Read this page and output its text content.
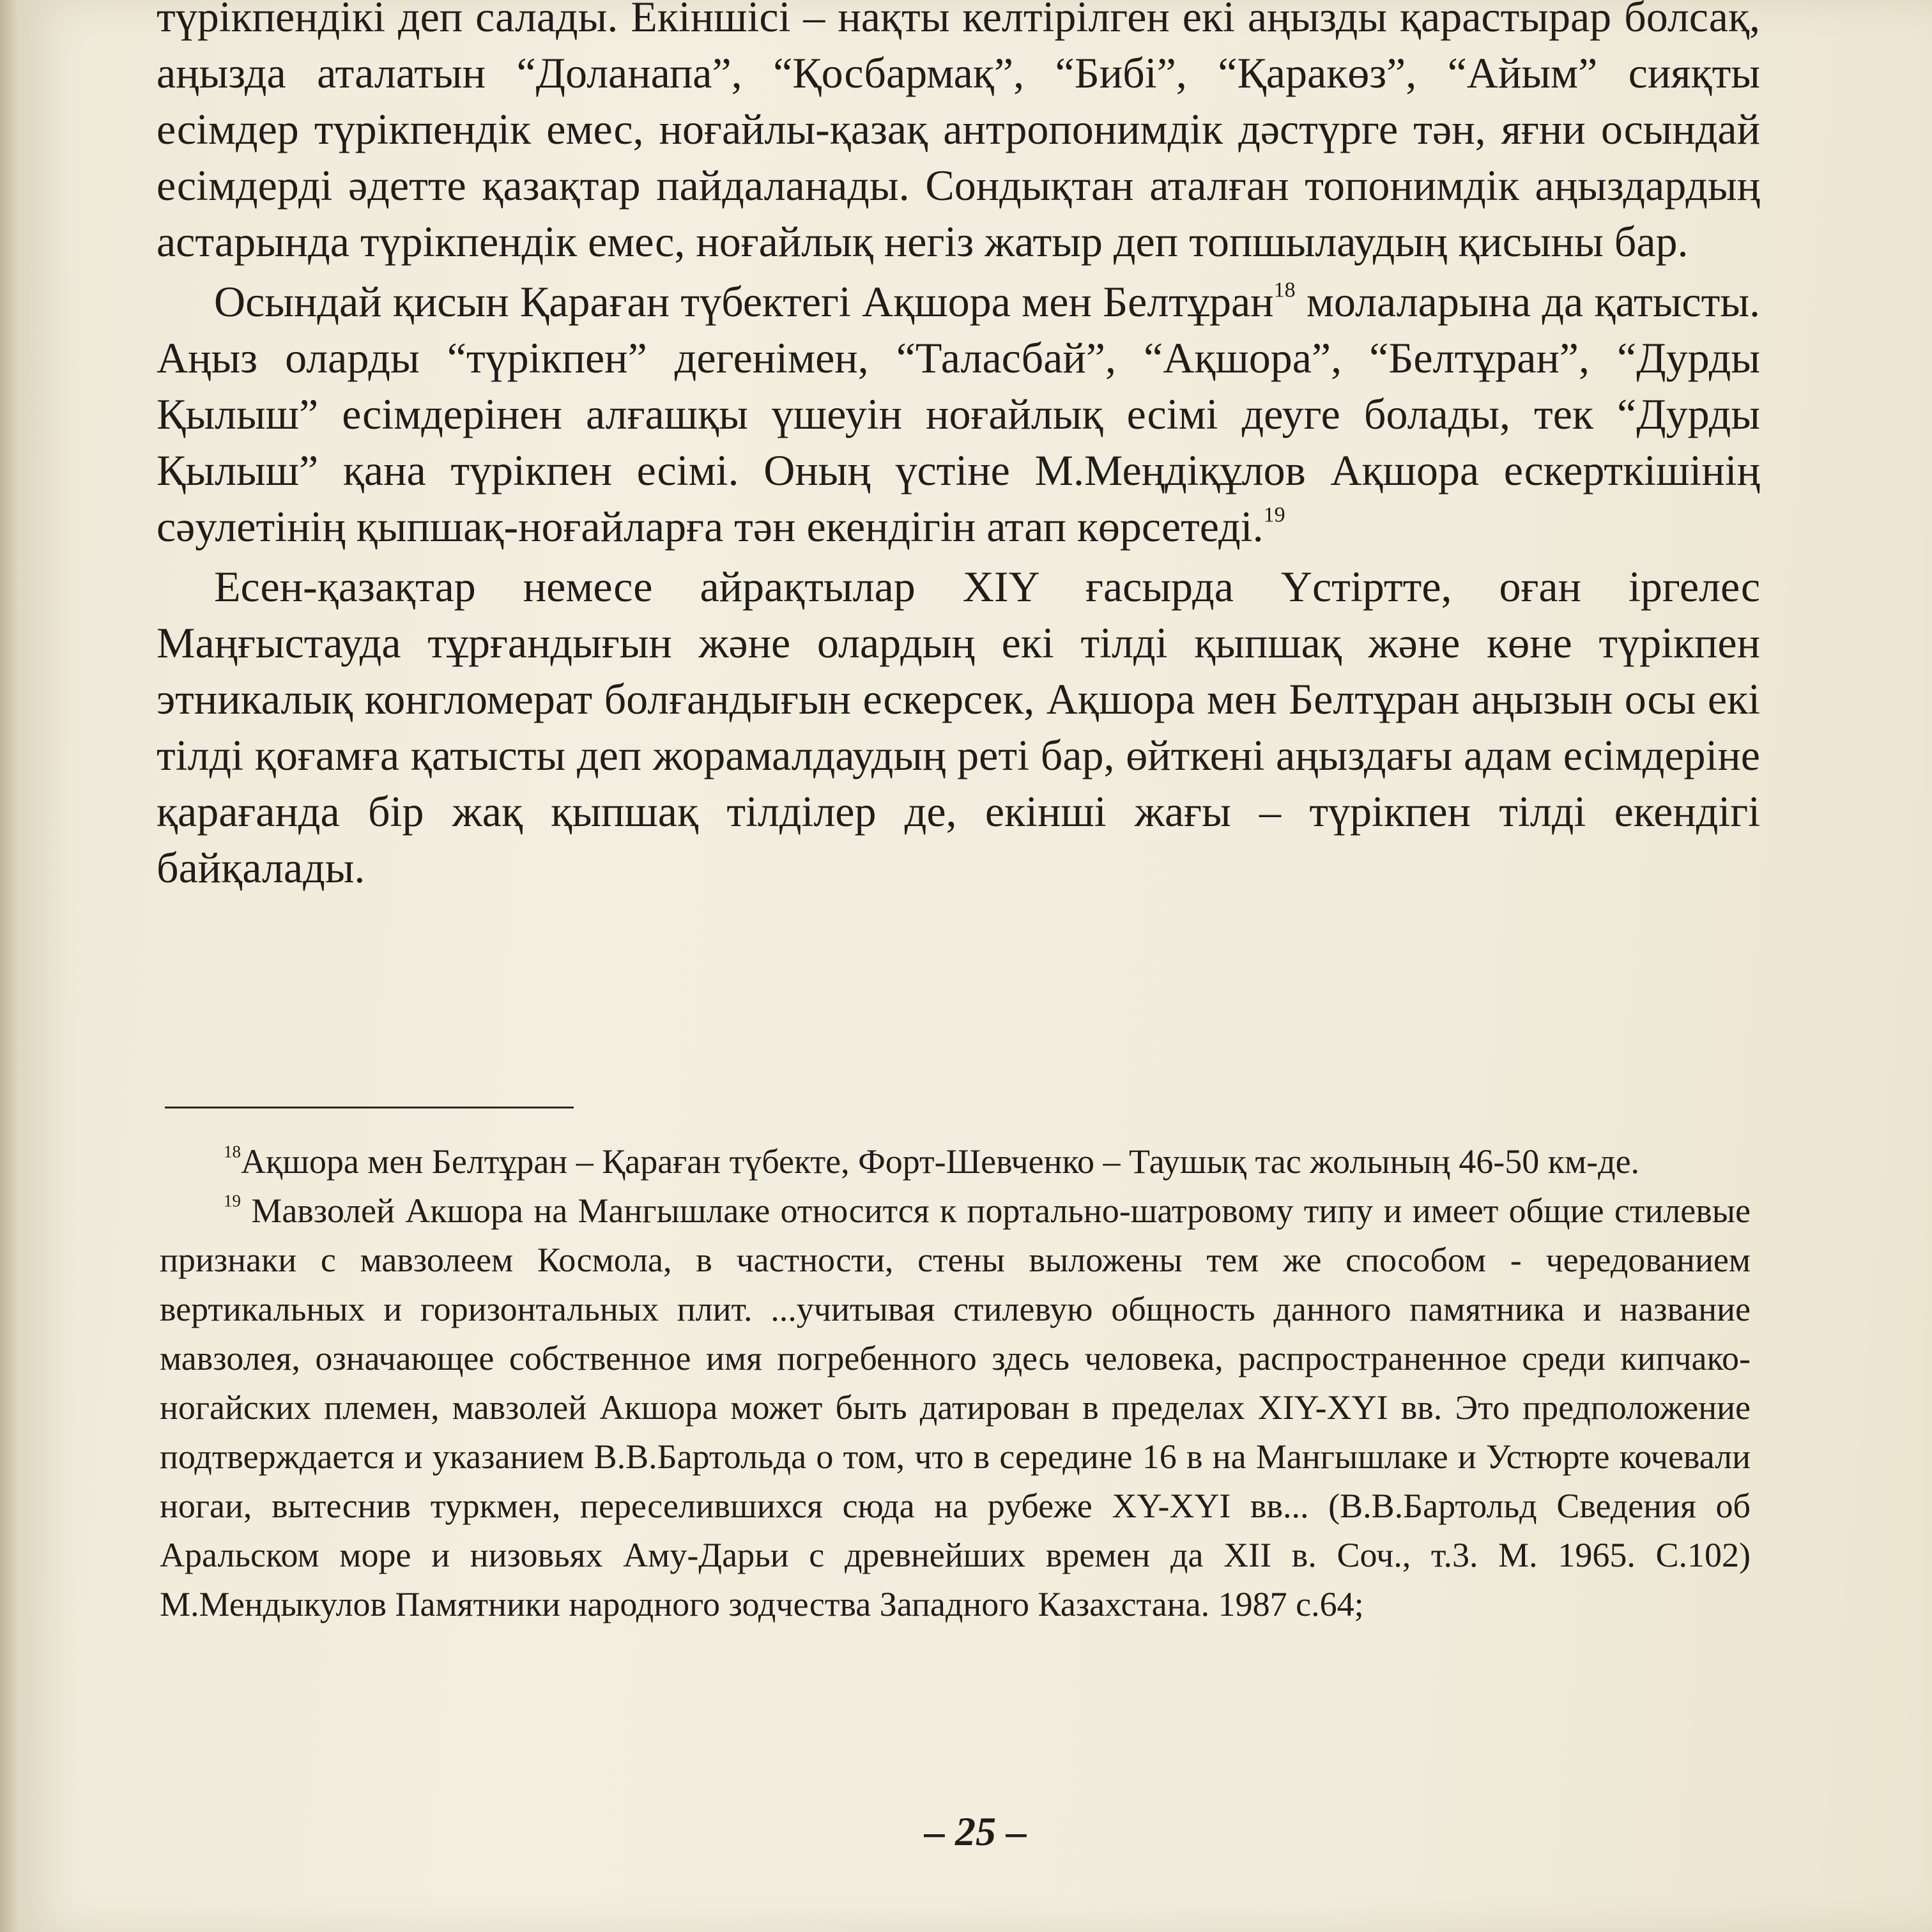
түрікпендікі деп салады. Екіншісі – нақты келтірілген екі аңызды қарастырар болсақ, аңызда аталатын “Доланапа”, “Қосбармақ”, “Бибі”, “Қаракөз”, “Айым” сияқты есімдер түрікпендік емес, ноғайлы-қазақ антропонимдік дәстүрге тән, яғни осындай есімдерді әдетте қазақтар пайдаланады. Сондықтан аталған топонимдік аңыздардың астарында түрікпендік емес, ноғайлық негіз жатыр деп топшылаудың қисыны бар.

Осындай қисын Қараған түбектегі Ақшора мен Белтұран$^{18}$ молаларына да қатысты. Аңыз оларды “түрікпен” дегенімен, “Таласбай”, “Ақшора”, “Белтұран”, “Дурды Қылыш” есімдерінен алғашқы үшеуін ноғайлық есімі деуге болады, тек “Дурды Қылыш” қана түрікпен есімі. Оның үстіне М.Меңдіқұлов Ақшора ескерткішінің сәулетінің қыпшақ-ноғайларға тән екендігін атап көрсетеді.$^{19}$

Есен-қазақтар немесе айрақтылар XIY ғасырда Үстіртте, оған іргелес Маңғыстауда тұрғандығын және олардың екі тілді қыпшақ және көне түрікпен этникалық конгломерат болғандығын ескерсек, Ақшора мен Белтұран аңызын осы екі тілді қоғамға қатысты деп жорамалдаудың реті бар, өйткені аңыздағы адам есімдеріне қарағанда бір жақ қыпшақ тілділер де, екінші жағы – түрікпен тілді екендігі байқалады.

$^{18}$Ақшора мен Белтұран – Қараған түбекте, Форт-Шевченко – Таушық тас жолының 46-50 км-де.

$^{19}$ Мавзолей Акшора на Мангышлаке относится к портально-шатровому типу и имеет общие стилевые признаки с мавзолеем Космола, в частности, стены выложены тем же способом - чередованием вертикальных и горизонтальных плит. ...учитывая стилевую общность данного памятника и название мавзолея, означающее собственное имя погребенного здесь человека, распространенное среди кипчако-ногайских племен, мавзолей Акшора может быть датирован в пределах XIY-XYI вв. Это предположение подтверждается и указанием В.В.Бартольда о том, что в середине 16 в на Мангышлаке и Устюрте кочевали ногаи, вытеснив туркмен, переселившихся сюда на рубеже XY-XYI вв... (В.В.Бартольд Сведения об Аральском море и низовьях Аму-Дарьи с древнейших времен да XII в. Соч., т.3. М. 1965. С.102) М.Мендыкулов Памятники народного зодчества Западного Казахстана. 1987 с.64;

– 25 –
